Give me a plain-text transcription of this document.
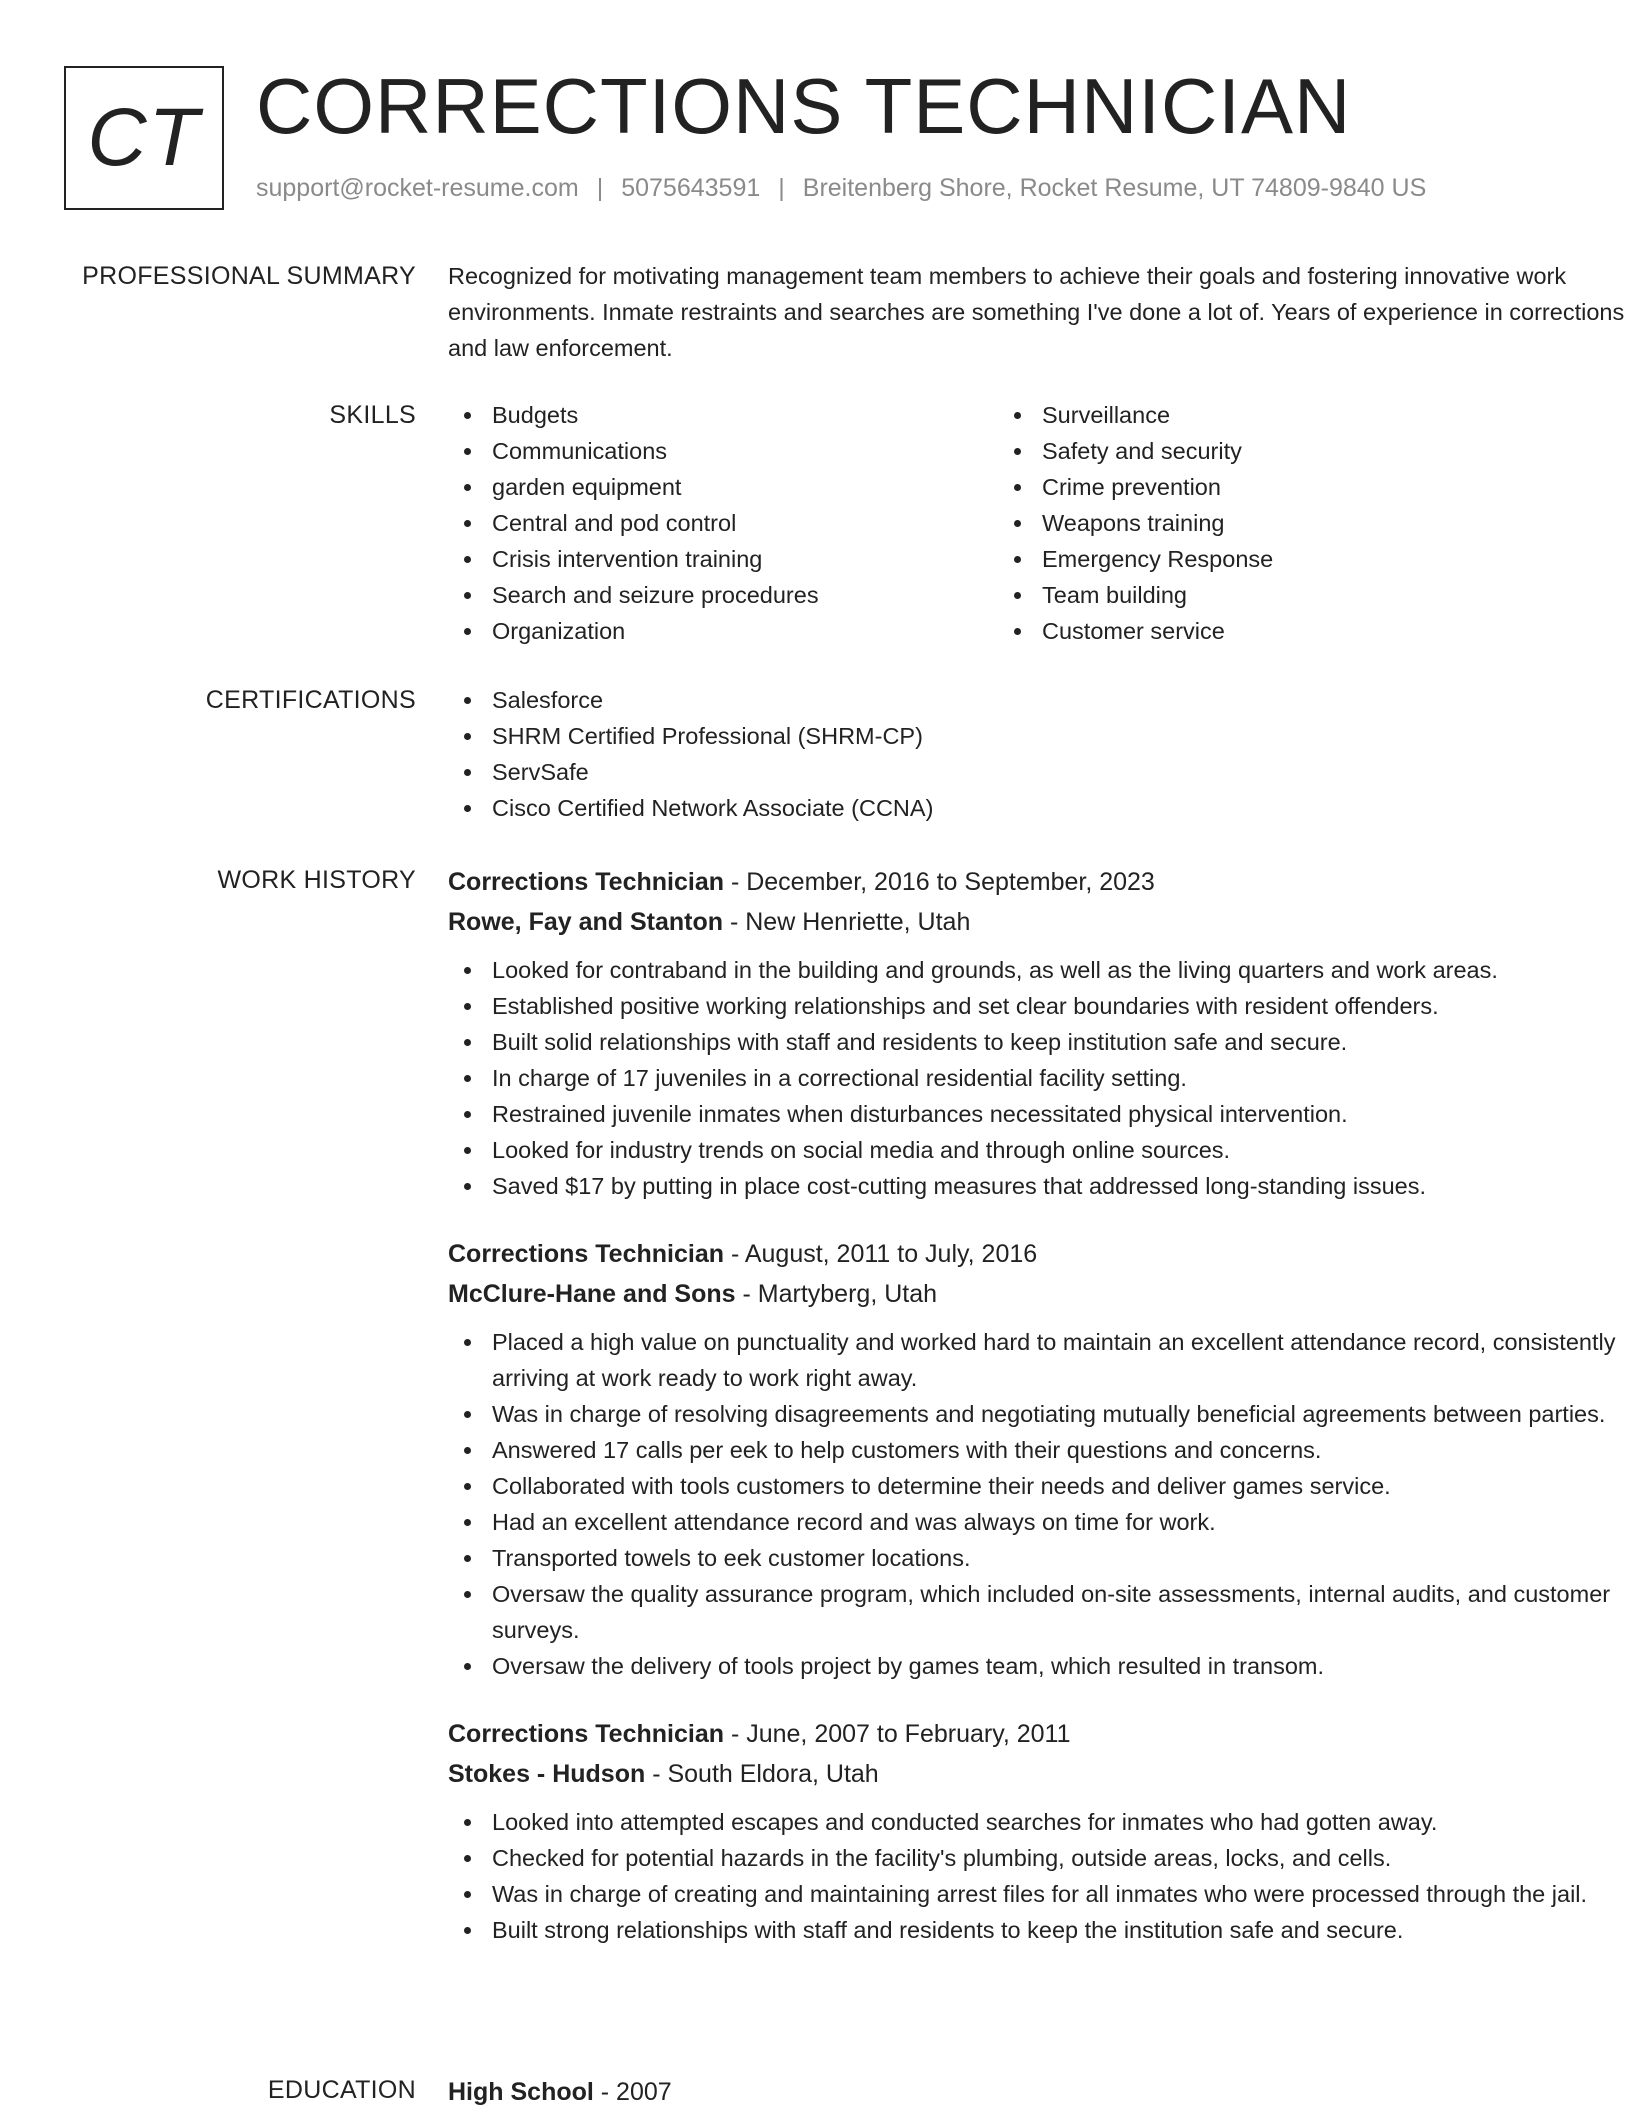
CT CORRECTIONS TECHNICIAN
support@rocket-resume.com | 5075643591 | Breitenberg Shore, Rocket Resume, UT 74809-9840 US
PROFESSIONAL SUMMARY Recognized for motivating management team members to achieve their goals and fostering innovative work environments. Inmate restraints and searches are something I've done a lot of. Years of experience in corrections and law enforcement.
SKILLS	Budgets
Communications
garden equipment
Central and pod control
Crisis intervention training
Search and seizure procedures
Organization
Surveillance
Safety and security
Crime prevention
Weapons training
Emergency Response
Team building
Customer service
CERTIFICATIONS	Salesforce
SHRM Certified Professional (SHRM-CP)
ServSafe
Cisco Certified Network Associate (CCNA)
WORK HISTORY Corrections Technician - December, 2016 to September, 2023
Rowe, Fay and Stanton - New Henriette, Utah
Looked for contraband in the building and grounds, as well as the living quarters and work areas.
Established positive working relationships and set clear boundaries with resident offenders.
Built solid relationships with staff and residents to keep institution safe and secure.
In charge of 17 juveniles in a correctional residential facility setting.
Restrained juvenile inmates when disturbances necessitated physical intervention.
Looked for industry trends on social media and through online sources.
Saved $17 by putting in place cost-cutting measures that addressed long-standing issues.
Corrections Technician - August, 2011 to July, 2016
McClure-Hane and Sons - Martyberg, Utah
Placed a high value on punctuality and worked hard to maintain an excellent attendance record, consistently arriving at work ready to work right away.
Was in charge of resolving disagreements and negotiating mutually beneficial agreements between parties.
Answered 17 calls per eek to help customers with their questions and concerns.
Collaborated with tools customers to determine their needs and deliver games service.
Had an excellent attendance record and was always on time for work.
Transported towels to eek customer locations.
Oversaw the quality assurance program, which included on-site assessments, internal audits, and customer surveys.
Oversaw the delivery of tools project by games team, which resulted in transom.
Corrections Technician - June, 2007 to February, 2011
Stokes - Hudson - South Eldora, Utah
Looked into attempted escapes and conducted searches for inmates who had gotten away.
Checked for potential hazards in the facility's plumbing, outside areas, locks, and cells.
Was in charge of creating and maintaining arrest files for all inmates who were processed through the jail.
Built strong relationships with staff and residents to keep the institution safe and secure.
EDUCATION High School - 2007
